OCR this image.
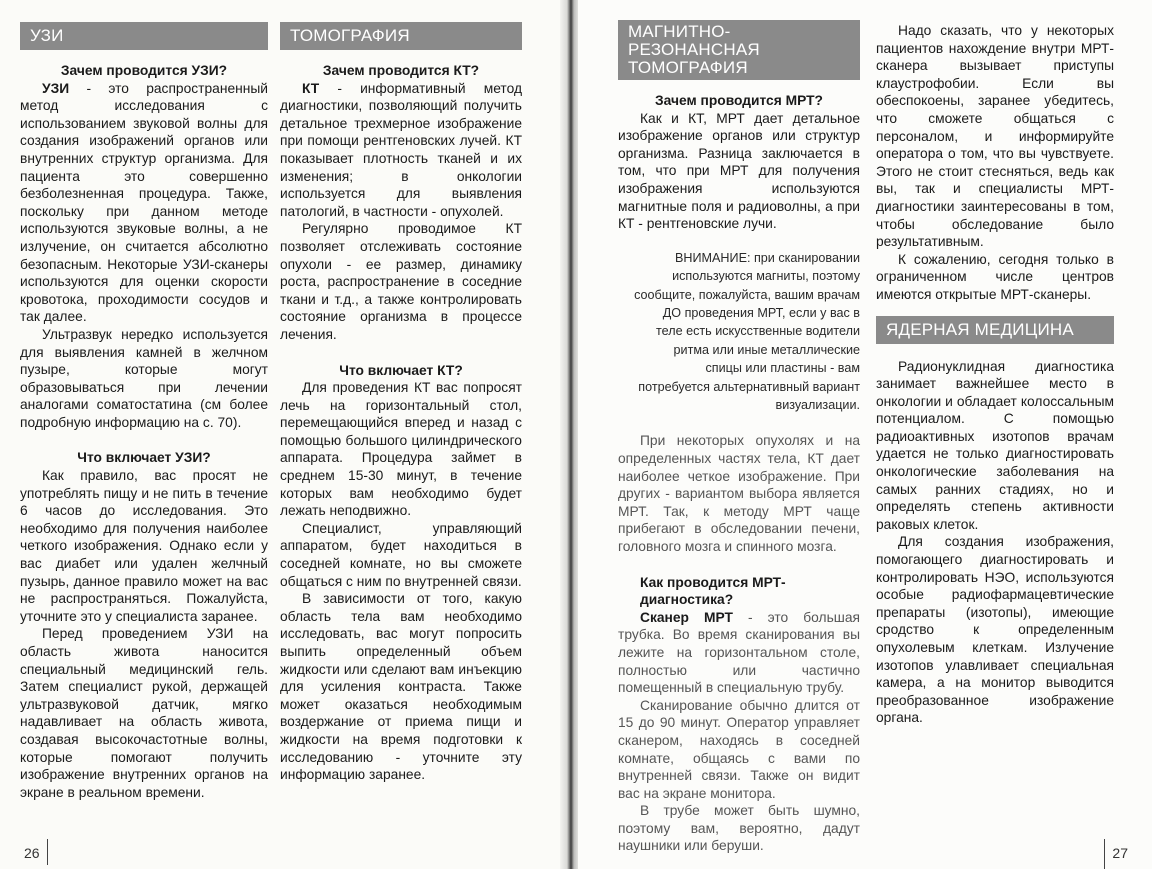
УЗИ
Зачем проводится УЗИ?

УЗИ - это распространенный метод исследования с использованием звуковой волны для создания изображений органов или внутренних структур организма. Для пациента это совершенно безболезненная процедура. Также, поскольку при данном методе используются звуковые волны, а не излучение, он считается абсолютно безопасным. Некоторые УЗИ-сканеры используются для оценки скорости кровотока, проходимости сосудов и так далее.

Ультразвук нередко используется для выявления камней в желчном пузыре, которые могут образовываться при лечении аналогами соматостатина (см более подробную информацию на с. 70).

Что включает УЗИ?

Как правило, вас просят не употреблять пищу и не пить в течение 6 часов до исследования. Это необходимо для получения наиболее четкого изображения. Однако если у вас диабет или удален желчный пузырь, данное правило может на вас не распространяться. Пожалуйста, уточните это у специалиста заранее.

Перед проведением УЗИ на область живота наносится специальный медицинский гель. Затем специалист рукой, держащей ультразвуковой датчик, мягко надавливает на область живота, создавая высокочастотные волны, которые помогают получить изображение внутренних органов на экране в реальном времени.

ТОМОГРАФИЯ
Зачем проводится КТ?

КТ - информативный метод диагностики, позволяющий получить детальное трехмерное изображение при помощи рентгеновских лучей. КТ показывает плотность тканей и их изменения; в онкологии используется для выявления патологий, в частности - опухолей.

Регулярно проводимое КТ позволяет отслеживать состояние опухоли - ее размер, динамику роста, распространение в соседние ткани и т.д., а также контролировать состояние организма в процессе лечения.

Что включает КТ?

Для проведения КТ вас попросят лечь на горизонтальный стол, перемещающийся вперед и назад с помощью большого цилиндрического аппарата. Процедура займет в среднем 15-30 минут, в течение которых вам необходимо будет лежать неподвижно.

Специалист, управляющий аппаратом, будет находиться в соседней комнате, но вы сможете общаться с ним по внутренней связи.

В зависимости от того, какую область тела вам необходимо исследовать, вас могут попросить выпить определенный объем жидкости или сделают вам инъекцию для усиления контраста. Также может оказаться необходимым воздержание от приема пищи и жидкости на время подготовки к исследованию - уточните эту информацию заранее.

26
МАГНИТНО-РЕЗОНАНСНАЯ ТОМОГРАФИЯ
Зачем проводится МРТ?

Как и КТ, МРТ дает детальное изображение органов или структур организма. Разница заключается в том, что при МРТ для получения изображения используются магнитные поля и радиоволны, а при КТ - рентгеновские лучи.

ВНИМАНИЕ: при сканировании используются магниты, поэтому сообщите, пожалуйста, вашим врачам ДО проведения МРТ, если у вас в теле есть искусственные водители ритма или иные металлические спицы или пластины - вам потребуется альтернативный вариант визуализации.

При некоторых опухолях и на определенных частях тела, КТ дает наиболее четкое изображение. При других - вариантом выбора является МРТ. Так, к методу МРТ чаще прибегают в обследовании печени, головного мозга и спинного мозга.

Как проводится МРТ-диагностика?

Сканер МРТ - это большая трубка. Во время сканирования вы лежите на горизонтальном столе, полностью или частично помещенный в специальную трубу.

Сканирование обычно длится от 15 до 90 минут. Оператор управляет сканером, находясь в соседней комнате, общаясь с вами по внутренней связи. Также он видит вас на экране монитора.

В трубе может быть шумно, поэтому вам, вероятно, дадут наушники или беруши.

Надо сказать, что у некоторых пациентов нахождение внутри МРТ-сканера вызывает приступы клаустрофобии. Если вы обеспокоены, заранее убедитесь, что сможете общаться с персоналом, и информируйте оператора о том, что вы чувствуете. Этого не стоит стесняться, ведь как вы, так и специалисты МРТ-диагностики заинтересованы в том, чтобы обследование было результативным.

К сожалению, сегодня только в ограниченном числе центров имеются открытые МРТ-сканеры.

ЯДЕРНАЯ МЕДИЦИНА

Радионуклидная диагностика занимает важнейшее место в онкологии и обладает колоссальным потенциалом. С помощью радиоактивных изотопов врачам удается не только диагностировать онкологические заболевания на самых ранних стадиях, но и определять степень активности раковых клеток.

Для создания изображения, помогающего диагностировать и контролировать НЭО, используются особые радиофармацевтические препараты (изотопы), имеющие сродство к определенным опухолевым клеткам. Излучение изотопов улавливает специальная камера, а на монитор выводится преобразованное изображение органа.

27
